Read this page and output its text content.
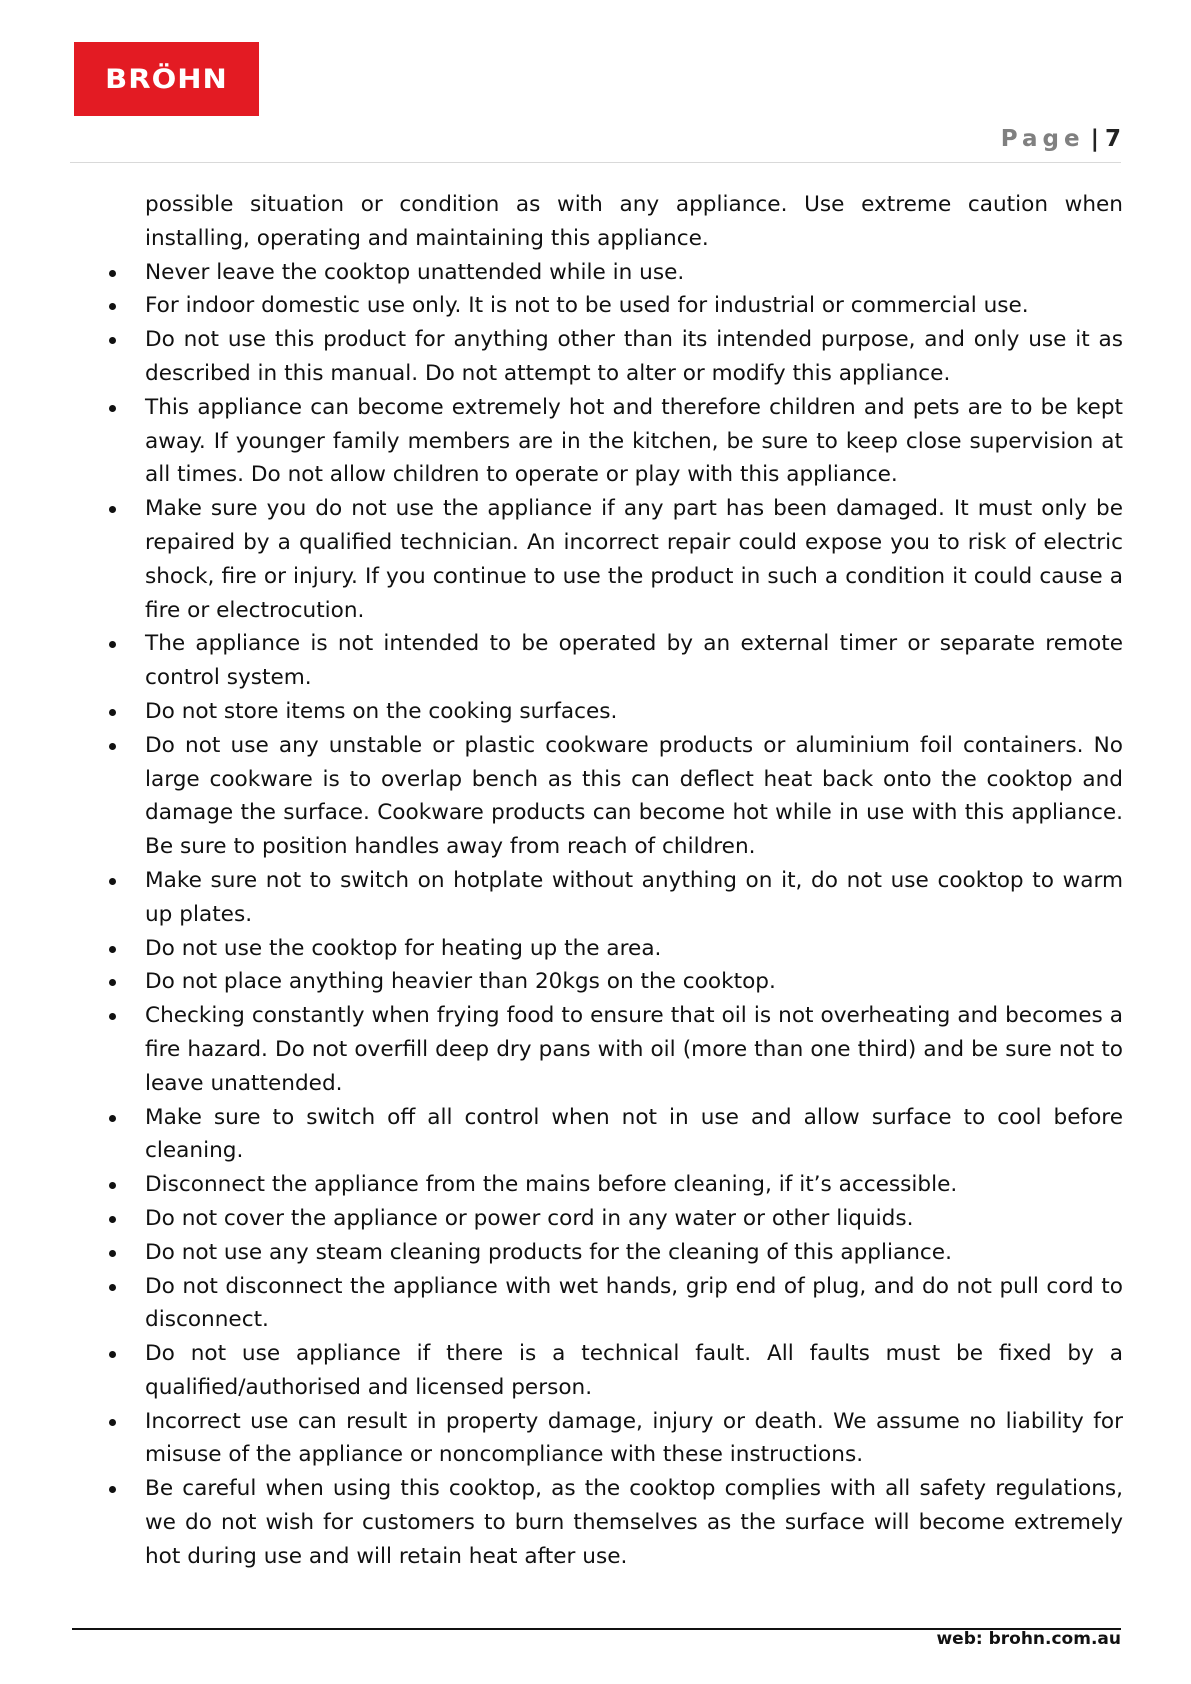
BRÖHN
Page | 7

possible situation or condition as with any appliance. Use extreme caution when installing, operating and maintaining this appliance.

Never leave the cooktop unattended while in use.
For indoor domestic use only. It is not to be used for industrial or commercial use.
Do not use this product for anything other than its intended purpose, and only use it as described in this manual. Do not attempt to alter or modify this appliance.
This appliance can become extremely hot and therefore children and pets are to be kept away. If younger family members are in the kitchen, be sure to keep close supervision at all times. Do not allow children to operate or play with this appliance.
Make sure you do not use the appliance if any part has been damaged. It must only be repaired by a qualified technician. An incorrect repair could expose you to risk of electric shock, fire or injury. If you continue to use the product in such a condition it could cause a fire or electrocution.
The appliance is not intended to be operated by an external timer or separate remote control system.
Do not store items on the cooking surfaces.
Do not use any unstable or plastic cookware products or aluminium foil containers. No large cookware is to overlap bench as this can deflect heat back onto the cooktop and damage the surface. Cookware products can become hot while in use with this appliance. Be sure to position handles away from reach of children.
Make sure not to switch on hotplate without anything on it, do not use cooktop to warm up plates.
Do not use the cooktop for heating up the area.
Do not place anything heavier than 20kgs on the cooktop.
Checking constantly when frying food to ensure that oil is not overheating and becomes a fire hazard. Do not overfill deep dry pans with oil (more than one third) and be sure not to leave unattended.
Make sure to switch off all control when not in use and allow surface to cool before cleaning.
Disconnect the appliance from the mains before cleaning, if it’s accessible.
Do not cover the appliance or power cord in any water or other liquids.
Do not use any steam cleaning products for the cleaning of this appliance.
Do not disconnect the appliance with wet hands, grip end of plug, and do not pull cord to disconnect.
Do not use appliance if there is a technical fault. All faults must be fixed by a qualified/authorised and licensed person.
Incorrect use can result in property damage, injury or death. We assume no liability for misuse of the appliance or noncompliance with these instructions.
Be careful when using this cooktop, as the cooktop complies with all safety regulations, we do not wish for customers to burn themselves as the surface will become extremely hot during use and will retain heat after use.
web: brohn.com.au
